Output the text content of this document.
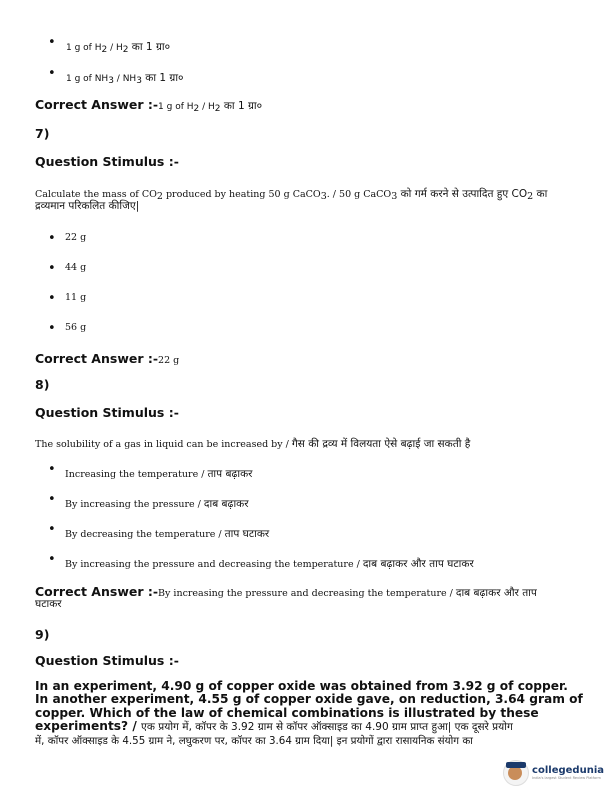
• 1 g of $H_2 / H_2$ का 1 ग्रा०
• 1 g of $NH_3 / NH_3$ का 1 ग्रा०
Correct Answer :-1 g of $H_2 / H_2$ का 1 ग्रा०
7)
Question Stimulus :-
Calculate the mass of $CO_2$ produced by heating 50 g CaCO$_3$. / 50 g CaCO$_3$ को गर्म करने से उत्पादित हुए $CO_2$ का
द्रव्यमान परिकलित कीजिए|
• 22 g
• 44 g
• 11 g
• 56 g
Correct Answer :-22 g
8)
Question Stimulus :-
The solubility of a gas in liquid can be increased by / गैस की द्रव्य में विलयता ऐसे बढ़ाई जा सकती है
• Increasing the temperature / ताप बढ़ाकर
• By increasing the pressure / दाब बढ़ाकर
• By decreasing the temperature / ताप घटाकर
• By increasing the pressure and decreasing the temperature / दाब बढ़ाकर और ताप घटाकर
Correct Answer :-By increasing the pressure and decreasing the temperature / दाब बढ़ाकर और ताप
घटाकर
9)
Question Stimulus :-
In an experiment, 4.90 g of copper oxide was obtained from 3.92 g of copper.
In another experiment, 4.55 g of copper oxide gave, on reduction, 3.64 gram of
copper. Which of the law of chemical combinations is illustrated by these
experiments? / एक प्रयोग में, कॉपर के 3.92 ग्राम से कॉपर ऑक्साइड का 4.90 ग्राम प्राप्त हुआ| एक दूसरे प्रयोग
में, कॉपर ऑक्साइड के 4.55 ग्राम ने, लघुकरण पर, कॉपर का 3.64 ग्राम दिया| इन प्रयोगों द्वारा रासायनिक संयोग का
collegedunia
India's largest Student Review Platform
